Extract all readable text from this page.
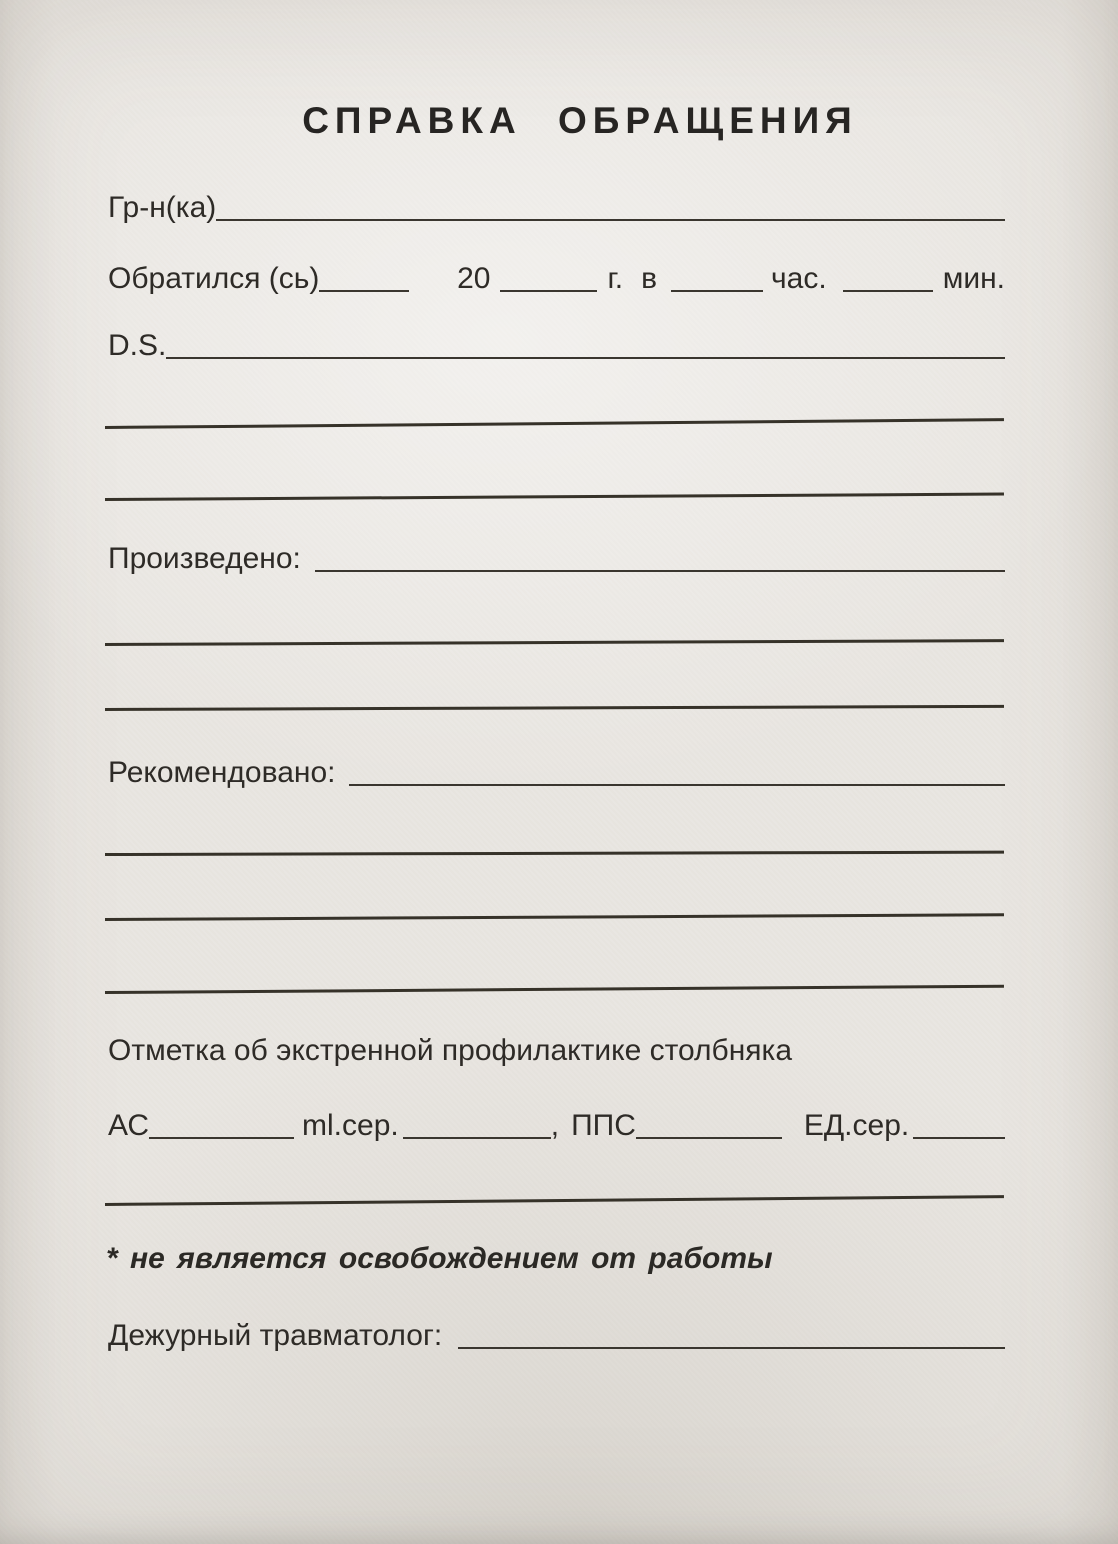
СПРАВКА ОБРАЩЕНИЯ
Гр-н(ка)
Обратился (сь)	20	г. в	час.	мин.
D.S.
Произведено:
Рекомендовано:
Отметка об экстренной профилактике столбняка
АС	ml.сер.	, ППС	ЕД.сер.
* не является освобождением от работы
Дежурный травматолог:
